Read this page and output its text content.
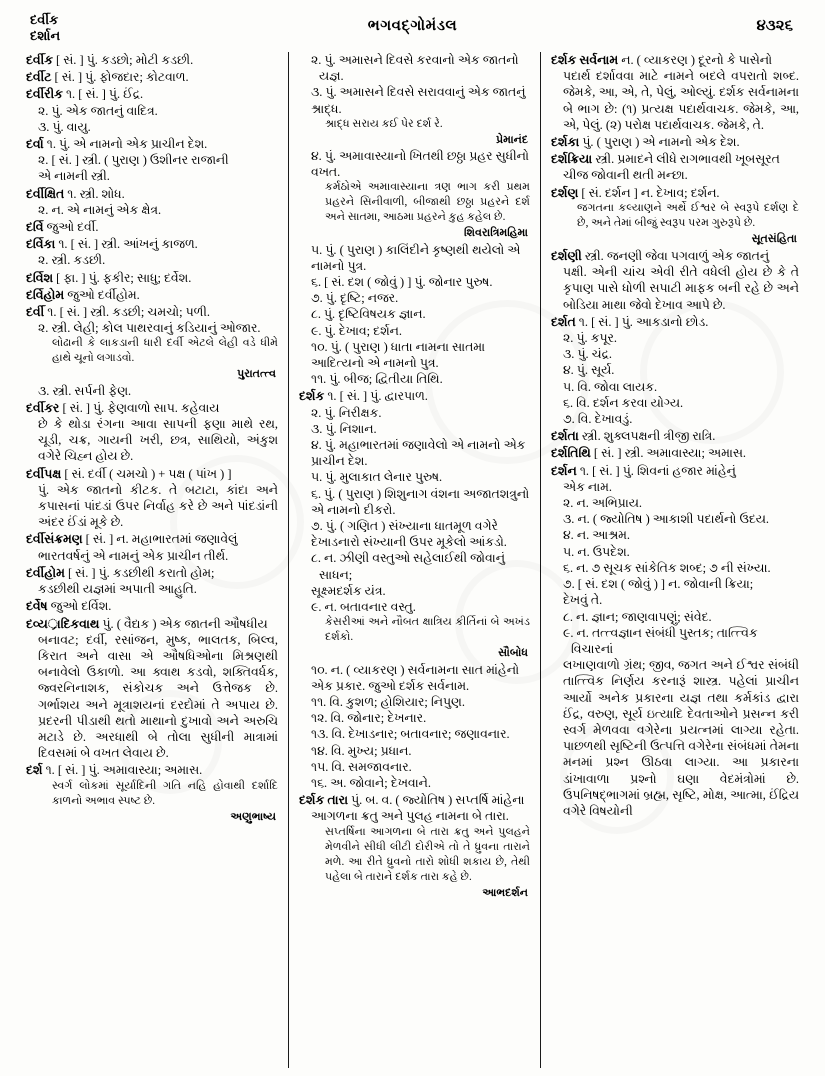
દર્વીક
દર્શાન
ભગવદ્ગોમંડલ	૪૩૨૬
દર્વીક [ સં. ] પું. કડછો; મોટી કડછી.
દર્વીટ [ સં. ] પું. ફોજદાર; કોટવાળ.
દર્વીરીક ૧. [ સં. ] પું. ઈંદ્ર.
૨. પું. એક જાતનું વાદિત્ર.
૩. પું. વાયુ.
દર્વા ૧. પું. એ નામનો એક પ્રાચીન દેશ.
૨. [ સં. ] સ્ત્રી. ( પુરાણ ) ઉશીનર રાજાની
એ નામની સ્ત્રી.
દર્વીક્ષિત ૧. સ્ત્રી. શોધ.
૨. ન. એ નામનું એક ક્ષેત્ર.
દર્વિ જુઓ દર્વી.
દર્વિકા ૧. [ સં. ] સ્ત્રી. આંખનું કાજળ.
૨. સ્ત્રી. કડછી.
દર્વિશ [ ફા. ] પું. ફકીર; સાધુ; દર્વેશ.
દર્વિહોમ જુઓ દર્વીહોમ.
દર્વી ૧. [ સં. ] સ્ત્રી. કડછી; ચમચો; પળી.
૨. સ્ત્રી. લેહી; કોલ પાથરવાનું કડિયાનું ઓજાર.
લોઢાની કે લાકડાની ધારી દર્વી એટલે લેહી વડે ધીમે હાથે ચૂનો લગાડવો.
પુરાતત્ત્વ
૩. સ્ત્રી. સર્પની ફેણ.
દર્વીકર [ સં. ] પું. ફેણવાળો સાપ. કહેવાય
છે કે થોડા રંગના આવા સાપની ફણા માથે રથ, ચૂડી, ચક્ર, ગાયની ખરી, છત્ર, સાથિયો, અંકુશ વગેરે ચિહ્ન હોય છે.
દર્વીપક્ષ [ સં. દર્વી ( ચમચો ) + પક્ષ ( પાંખ ) ]
પું. એક જાતનો કીટક. તે બટાટા, કાંદા અને કપાસનાં પાંદડાં ઉપર નિર્વાહ કરે છે અને પાંદડાંની અંદર ઈંડાં મૂકે છે.
દર્વીસંક્રમણ [ સં. ] ન. મહાભારતમાં જણાવેલું
ભારતવર્ષનું એ નામનું એક પ્રાચીન તીર્થ.
દર્વીહોમ [ સં. ] પું. કડછીથી કરાતો હોમ;
કડછીથી યજ્ઞમાં અપાતી આહુતિ.
દર્વેષ જુઓ દર્વિશ.
દવ્યર્ાદિકવાથ પું. ( વૈદ્યક ) એક જાતની ઔષધીય
બનાવટ; દર્વી, રસાંજન, મુષ્ક, ભાલતક, બિલ્વ, કિરાત અને વાસા એ ઔષધિઓના મિશ્રણથી બનાવેલો ઉકાળો. આ ક્વાથ કડવો, શક્તિવર્ધક, જ્વરનિનાશક, સંકોચક અને ઉત્તેજક છે. ગર્ભાશય અને મૂત્રાશયનાં દરદોમાં તે અપાય છે. પ્રદરની પીડાથી થતો માથાનો દુખાવો અને અરુચિ મટાડે છે. અરધાથી બે તોલા સુધીની માત્રામાં દિવસમાં બે વખત લેવાય છે.
દર્શ ૧. [ સં. ] પું. અમાવાસ્યા; અમાસ.
સ્વર્ગ લોકમાં સૂર્યાદિની ગતિ નહિ હોવાથી દર્શાદિ કાળનો અભાવ સ્પષ્ટ છે.
અણુભાષ્ય
૨. પું. અમાસને દિવસે કરવાનો એક જાતનો યજ્ઞ.
૩. પું. અમાસને દિવસે સરાવવાનું એક જાતનું
શ્રાદ્ધ.
શ્રાદ્ધ સરાય કઈ પેર દર્શ રે.
પ્રેમાનંદ
૪. પું. અમાવાસ્યાનો ખિતથી છઠ્ઠા પ્રહર સુધીનો
વખત.
કર્મઠોએ અમાવાસ્યાના ત્રણ ભાગ કરી પ્રથમ પ્રહરને સિનીવાળી, બીજાથી છઠ્ઠા પ્રહરને દર્શ અને સાતમા, આઠમા પ્રહરને કુહ કહેલ છે.
શિવરાત્રિમહિમા
૫. પું. ( પુરાણ ) કાલિંદીને કૃષ્ણથી થયેલો એ
નામનો પુત્ર.
૬. [ સં. દશ ( જોવું ) ] પું. જોનાર પુરુષ.
૭. પું. દૃષ્ટિ; નજર.
૮. પું. દૃષ્ટિવિષયક જ્ઞાન.
૯. પું. દેખાવ; દર્શન.
૧૦. પું. ( પુરાણ ) ધાતા નામના સાતમા
આદિત્યનો એ નામનો પુત્ર.
૧૧. પું. બીજ; દ્વિતીયા તિથિ.
દર્શક ૧. [ સં. ] પું. દ્વારપાળ.
૨. પું. નિરીક્ષક.
૩. પું. નિશાન.
૪. પું. મહાભારતમાં જણાવેલો એ નામનો એક
પ્રાચીન દેશ.
૫. પું. મુલાકાત લેનાર પુરુષ.
૬. પું. ( પુરાણ ) શિશુનાગ વંશના અજાતશત્રુનો
એ નામનો દીકરો.
૭. પું. ( ગણિત ) સંખ્યાના ધાતમૂળ વગેરે
દેખાડનારો સંખ્યાની ઉપર મૂકેલો આંકડો.
૮. ન. ઝીણી વસ્તુઓ સહેલાઈથી જોવાનું સાધન;
સૂક્ષ્મદર્શક યંત્ર.
૯. ન. બતાવનાર વસ્તુ.
કેસરીઆં અને નૌબત ક્ષાત્રિય કીર્તિનાં બે અખંડ દર્શકો.
સૌબોધ
૧૦. ન. ( વ્યાકરણ ) સર્વનામના સાત માંહેનો
એક પ્રકાર. જુઓ દર્શક સર્વનામ.
૧૧. વિ. કુશળ; હોશિયાર; નિપુણ.
૧૨. વિ. જોનાર; દેખનાર.
૧૩. વિ. દેખાડનાર; બતાવનાર; જણાવનાર.
૧૪. વિ. મુખ્ય; પ્રધાન.
૧૫. વિ. સમજાવનાર.
૧૬. અ. જોવાને; દેખવાને.
દર્શક તારા પું. બ. વ. ( જ્યોતિષ ) સપ્તર્ષિ માંહેના
આગળના ક્રતુ અને પુલહ નામના બે તારા.
સપ્તર્ષિના આગળના બે તારા ક્રતુ અને પુલહને મેળવીને સીધી લીટી દોરીએ તો તે ધ્રુવના તારાને મળે. આ રીતે ધ્રુવનો તારો શોધી શકાય છે, તેથી પહેલા બે તારાને દર્શક તારા કહે છે.
આભદર્શન
દર્શક સર્વનામ ન. ( વ્યાકરણ ) દૂરનો કે પાસેનો
પદાર્થ દર્શાવવા માટે નામને બદલે વપરાતો શબ્દ. જેમકે, આ, એ, તે, પેલું, ઓલ્યું. દર્શક સર્વનામના બે ભાગ છે: (૧) પ્રત્યક્ષ પદાર્થવાચક. જેમકે, આ, એ, પેલું. (૨) પરોક્ષ પદાર્થવાચક. જેમકે, તે.
દર્શકા પું. ( પુરાણ ) એ નામનો એક દેશ.
દર્શક્રિયા સ્ત્રી. પ્રમાદને લીધે રાગભાવથી ખૂબસૂરત
ચીજ જોવાની થતી મન્છા.
દર્શણ [ સં. દર્શન ] ન. દેખાવ; દર્શન.
જગતના કલ્યાણને અર્થે ઈશ્વર બે સ્વરૂપે દર્શણ દે છે, અને તેમાં બીજું સ્વરૂપ પરમ ગુરુરૂપે છે.
સૂતસંહિતા
દર્શણી સ્ત્રી. જનણી જેવા પગવાળું એક જાતનું
પક્ષી. એની ચાંચ એવી રીતે વધેલી હોય છે કે તે કૃપાણ પાસે ધોળી સપાટી માફક બની રહે છે અને બોડિયા માથા જેવો દેખાવ આપે છે.
દર્શત ૧. [ સં. ] પું. આકડાનો છોડ.
૨. પું. કપૂર.
૩. પું. ચંદ્ર.
૪. પું. સૂર્ય.
૫. વિ. જોવા લાયક.
૬. વિ. દર્શન કરવા યોગ્ય.
૭. વિ. દેખાવડું.
દર્શતા સ્ત્રી. શુક્લપક્ષની ત્રીજી રાત્રિ.
દર્શતિથિ [ સં. ] સ્ત્રી. અમાવાસ્યા; અમાસ.
દર્શન ૧. [ સં. ] પું. શિવનાં હજાર માંહેનું
એક નામ.
૨. ન. અભિપ્રાય.
૩. ન. ( જ્યોતિષ ) આકાશી પદાર્થનો ઉદય.
૪. ન. આશ્રમ.
૫. ન. ઉપદેશ.
૬. ન. ૭ સૂચક સાંકેતિક શબ્દ; ૭ ની સંખ્યા.
૭. [ સં. દશ ( જોવું ) ] ન. જોવાની ક્રિયા;
દેખવું તે.
૮. ન. જ્ઞાન; જાણવાપણું; સંવેદ.
૯. ન. તત્ત્વજ્ઞાન સંબંધી પુસ્તક; તાત્ત્વિક વિચારનાં
લખાણવાળો ગ્રંથ; જીવ, જગત અને ઈશ્વર સંબંધી તાત્ત્વિક નિર્ણય કરનારૂં શાસ્ત્ર. પહેલાં પ્રાચીન આર્યો અનેક પ્રકારના યજ્ઞ તથા કર્મકાંડ દ્વારા ઈંદ્ર, વરુણ, સૂર્ય ઇત્યાદિ દેવતાઓને પ્રસન્ન કરી સ્વર્ગ મેળવવા વગેરેના પ્રયત્નમાં લાગ્યા રહેતા. પાછળથી સૃષ્ટિની ઉત્પત્તિ વગેરેના સંબંધમાં તેમના મનમાં પ્રશ્ન ઊઠવા લાગ્યા. આ પ્રકારના ડાંખાવાળા પ્રશ્નો ઘણા વેદમંત્રોમાં છે. ઉપનિષદ્ભાગમાં બ્રહ્મ, સૃષ્ટિ, મોક્ષ, આત્મા, ઈંદ્રિય વગેરે વિષયોની
